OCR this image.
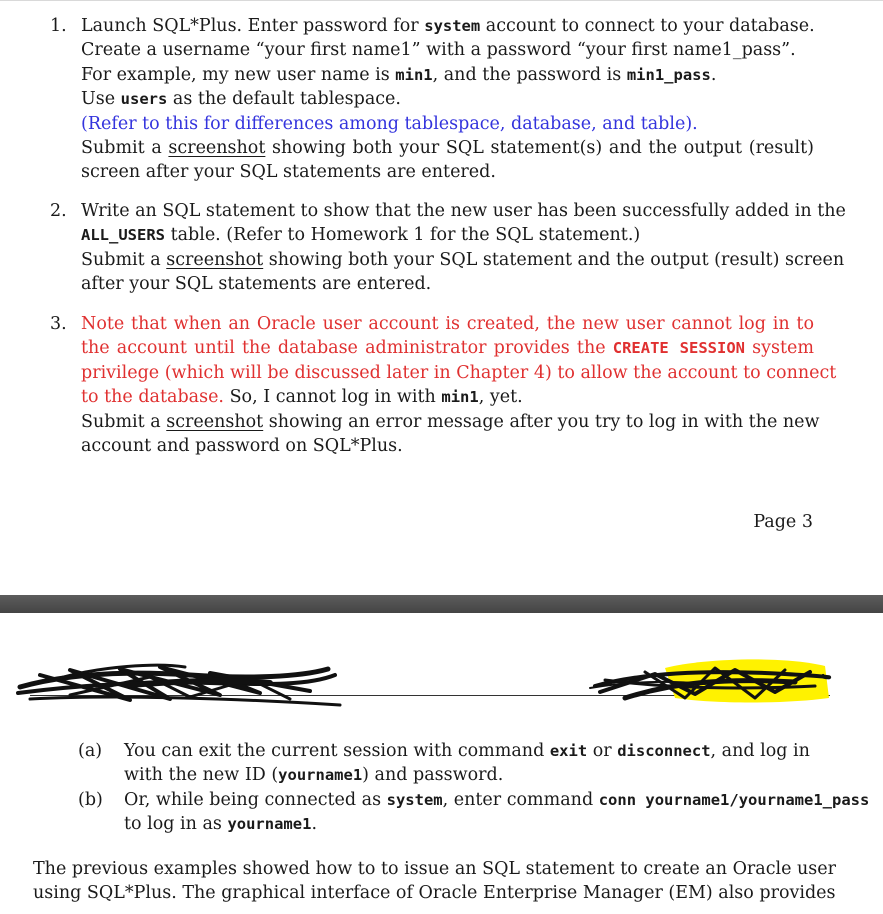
1. Launch SQL*Plus. Enter password for system account to connect to your database.
Create a username “your first name1” with a password “your first name1_pass”.
For example, my new user name is min1, and the password is min1_pass.
Use users as the default tablespace.
(Refer to this for differences among tablespace, database, and table).
Submit a screenshot showing both your SQL statement(s) and the output (result)
screen after your SQL statements are entered.
2. Write an SQL statement to show that the new user has been successfully added in the
ALL_USERS table. (Refer to Homework 1 for the SQL statement.)
Submit a screenshot showing both your SQL statement and the output (result) screen
after your SQL statements are entered.
3. Note that when an Oracle user account is created, the new user cannot log in to
the account until the database administrator provides the CREATE SESSION system
privilege (which will be discussed later in Chapter 4) to allow the account to connect
to the database. So, I cannot log in with min1, yet.
Submit a screenshot showing an error message after you try to log in with the new
account and password on SQL*Plus.
Page 3
(a) You can exit the current session with command exit or disconnect, and log in
with the new ID (yourname1) and password.
(b) Or, while being connected as system, enter command conn yourname1/yourname1_pass
to log in as yourname1.
The previous examples showed how to to issue an SQL statement to create an Oracle user
using SQL*Plus. The graphical interface of Oracle Enterprise Manager (EM) also provides
